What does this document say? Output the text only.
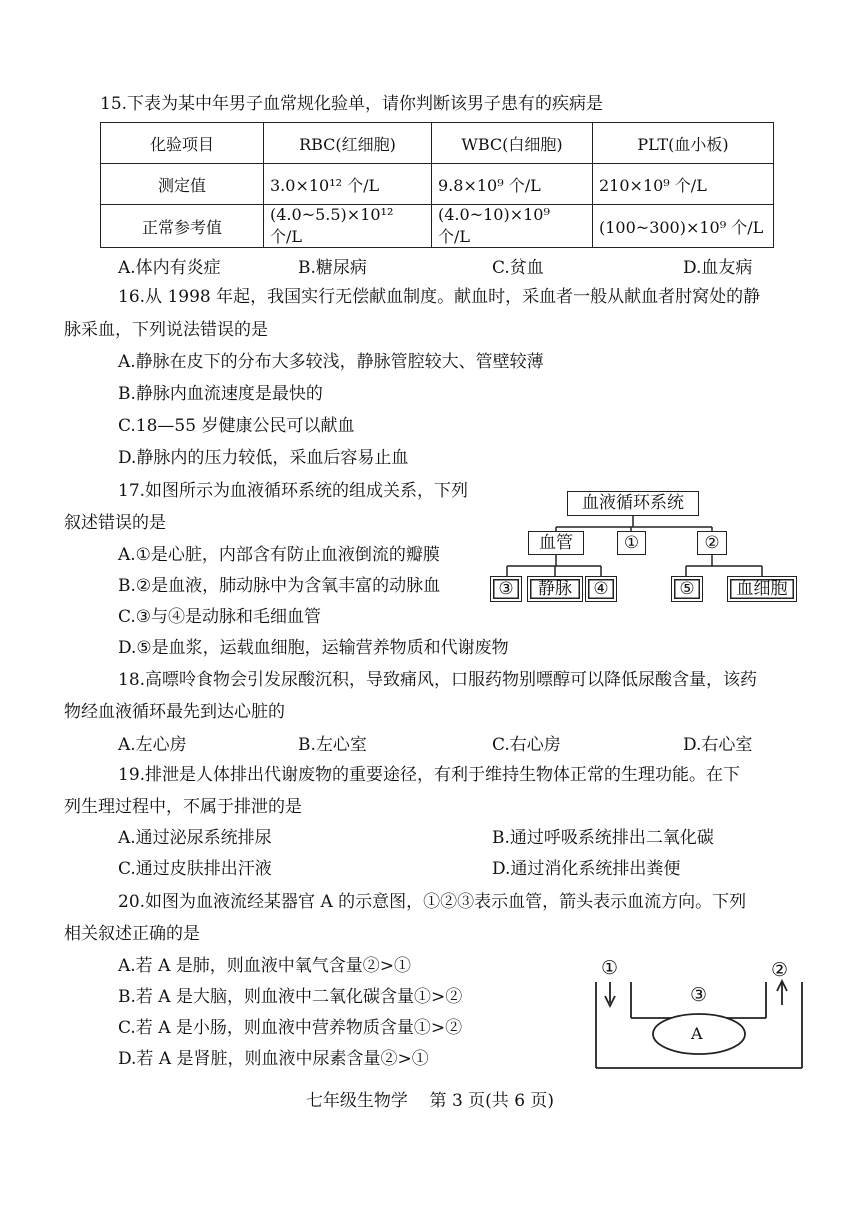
15.下表为某中年男子血常规化验单，请你判断该男子患有的疾病是
化验项目	RBC(红细胞)	WBC(白细胞)	PLT(血小板)
测定值	3.0×10¹² 个/L	9.8×10⁹ 个/L	210×10⁹ 个/L
正常参考值	(4.0~5.5)×10¹² 个/L	(4.0~10)×10⁹ 个/L	(100~300)×10⁹ 个/L
A.体内有炎症	B.糖尿病	C.贫血	D.血友病
16.从 1998 年起，我国实行无偿献血制度。献血时，采血者一般从献血者肘窝处的静
脉采血，下列说法错误的是
A.静脉在皮下的分布大多较浅，静脉管腔较大、管壁较薄
B.静脉内血流速度是最快的
C.18—55 岁健康公民可以献血
D.静脉内的压力较低，采血后容易止血
17.如图所示为血液循环系统的组成关系，下列
叙述错误的是
A.①是心脏，内部含有防止血液倒流的瓣膜
B.②是血液，肺动脉中为含氧丰富的动脉血
C.③与④是动脉和毛细血管
D.⑤是血浆，运载血细胞，运输营养物质和代谢废物
血液循环系统
血管	①	②
③	静脉	④	⑤	血细胞
18.高嘌呤食物会引发尿酸沉积，导致痛风，口服药物别嘌醇可以降低尿酸含量，该药
物经血液循环最先到达心脏的
A.左心房	B.左心室	C.右心房	D.右心室
19.排泄是人体排出代谢废物的重要途径，有利于维持生物体正常的生理功能。在下
列生理过程中，不属于排泄的是
A.通过泌尿系统排尿	B.通过呼吸系统排出二氧化碳
C.通过皮肤排出汗液	D.通过消化系统排出粪便
20.如图为血液流经某器官 A 的示意图，①②③表示血管，箭头表示血流方向。下列
相关叙述正确的是
A.若 A 是肺，则血液中氧气含量②>①
B.若 A 是大脑，则血液中二氧化碳含量①>②
C.若 A 是小肠，则血液中营养物质含量①>②
D.若 A 是肾脏，则血液中尿素含量②>①
①	②
③
A
七年级生物学    第 3 页(共 6 页)
